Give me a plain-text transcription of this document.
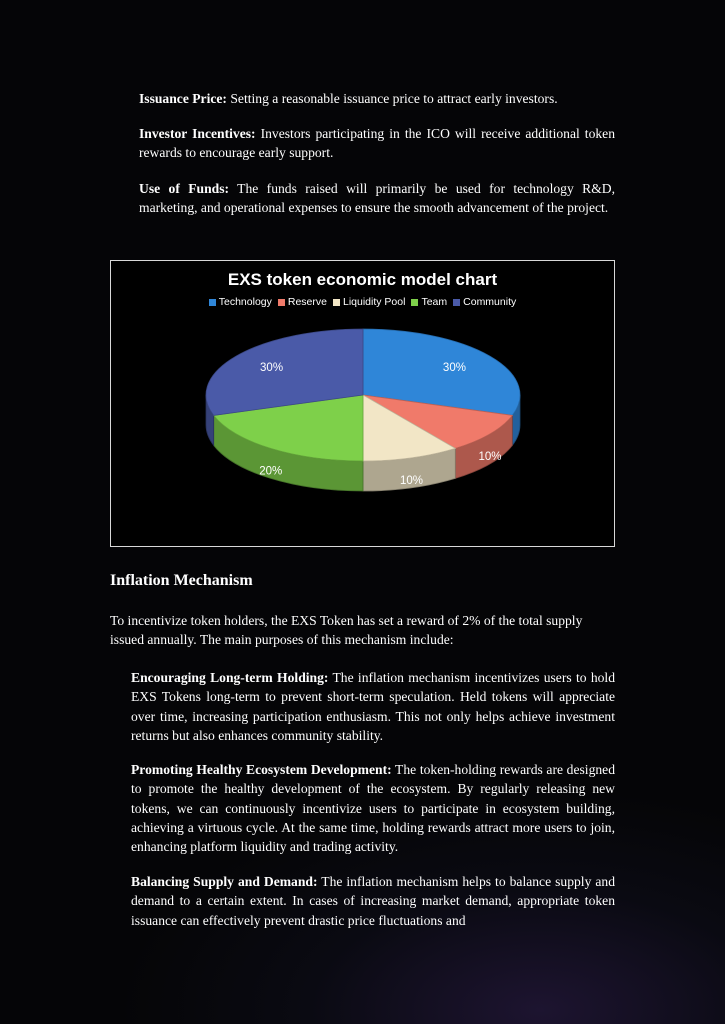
Issuance Price: Setting a reasonable issuance price to attract early investors.

Investor Incentives: Investors participating in the ICO will receive additional token rewards to encourage early support.

Use of Funds: The funds raised will primarily be used for technology R&D, marketing, and operational expenses to ensure the smooth advancement of the project.

EXS token economic model chart
Technology Reserve Liquidity Pool Team Community
30%
10%
10%
20%
30%
Inflation Mechanism

To incentivize token holders, the EXS Token has set a reward of 2% of the total supply issued annually. The main purposes of this mechanism include:

Encouraging Long-term Holding: The inflation mechanism incentivizes users to hold EXS Tokens long-term to prevent short-term speculation. Held tokens will appreciate over time, increasing participation enthusiasm. This not only helps achieve investment returns but also enhances community stability.

Promoting Healthy Ecosystem Development: The token-holding rewards are designed to promote the healthy development of the ecosystem. By regularly releasing new tokens, we can continuously incentivize users to participate in ecosystem building, achieving a virtuous cycle. At the same time, holding rewards attract more users to join, enhancing platform liquidity and trading activity.

Balancing Supply and Demand: The inflation mechanism helps to balance supply and demand to a certain extent. In cases of increasing market demand, appropriate token issuance can effectively prevent drastic price fluctuations and
